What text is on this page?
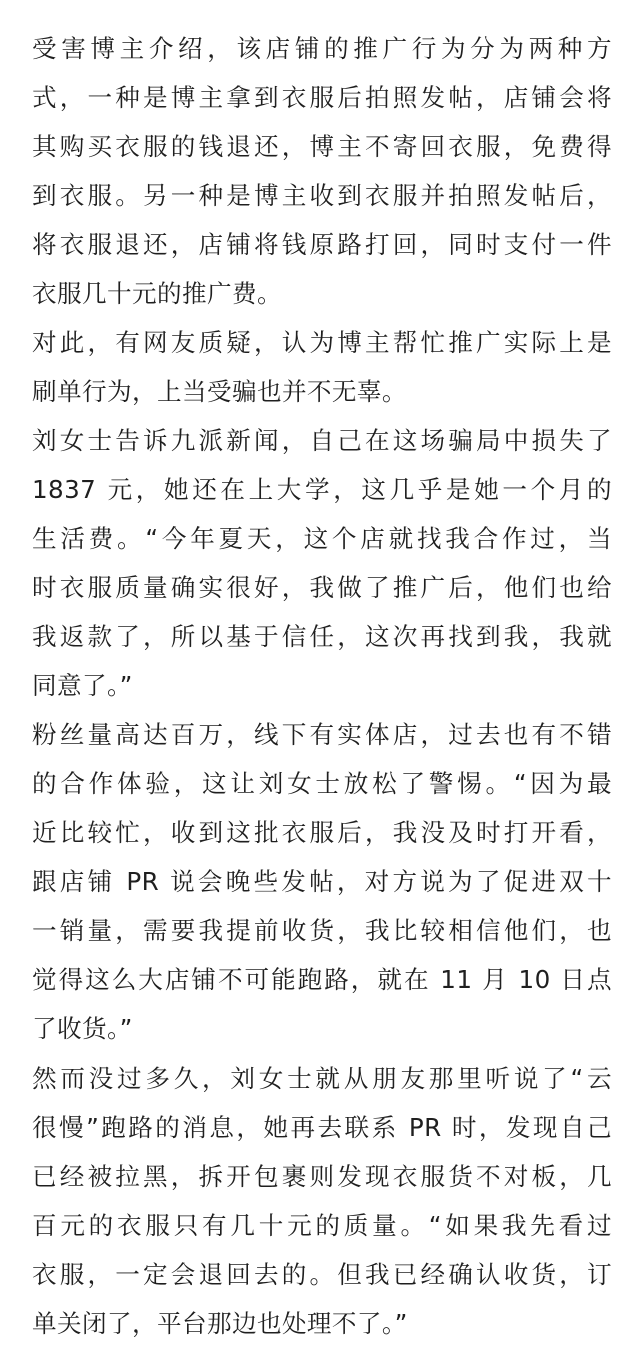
受害博主介绍，该店铺的推广行为分为两种方
式，一种是博主拿到衣服后拍照发帖，店铺会将
其购买衣服的钱退还，博主不寄回衣服，免费得
到衣服。另一种是博主收到衣服并拍照发帖后，
将衣服退还，店铺将钱原路打回，同时支付一件
衣服几十元的推广费。
对此，有网友质疑，认为博主帮忙推广实际上是
刷单行为，上当受骗也并不无辜。
刘女士告诉九派新闻，自己在这场骗局中损失了
1837 元，她还在上大学，这几乎是她一个月的
生活费。“今年夏天，这个店就找我合作过，当
时衣服质量确实很好，我做了推广后，他们也给
我返款了，所以基于信任，这次再找到我，我就
同意了。”
粉丝量高达百万，线下有实体店，过去也有不错
的合作体验，这让刘女士放松了警惕。“因为最
近比较忙，收到这批衣服后，我没及时打开看，
跟店铺 PR 说会晚些发帖，对方说为了促进双十
一销量，需要我提前收货，我比较相信他们，也
觉得这么大店铺不可能跑路，就在 11 月 10 日点
了收货。”
然而没过多久，刘女士就从朋友那里听说了“云
很慢”跑路的消息，她再去联系 PR 时，发现自己
已经被拉黑，拆开包裹则发现衣服货不对板，几
百元的衣服只有几十元的质量。“如果我先看过
衣服，一定会退回去的。但我已经确认收货，订
单关闭了，平台那边也处理不了。”
